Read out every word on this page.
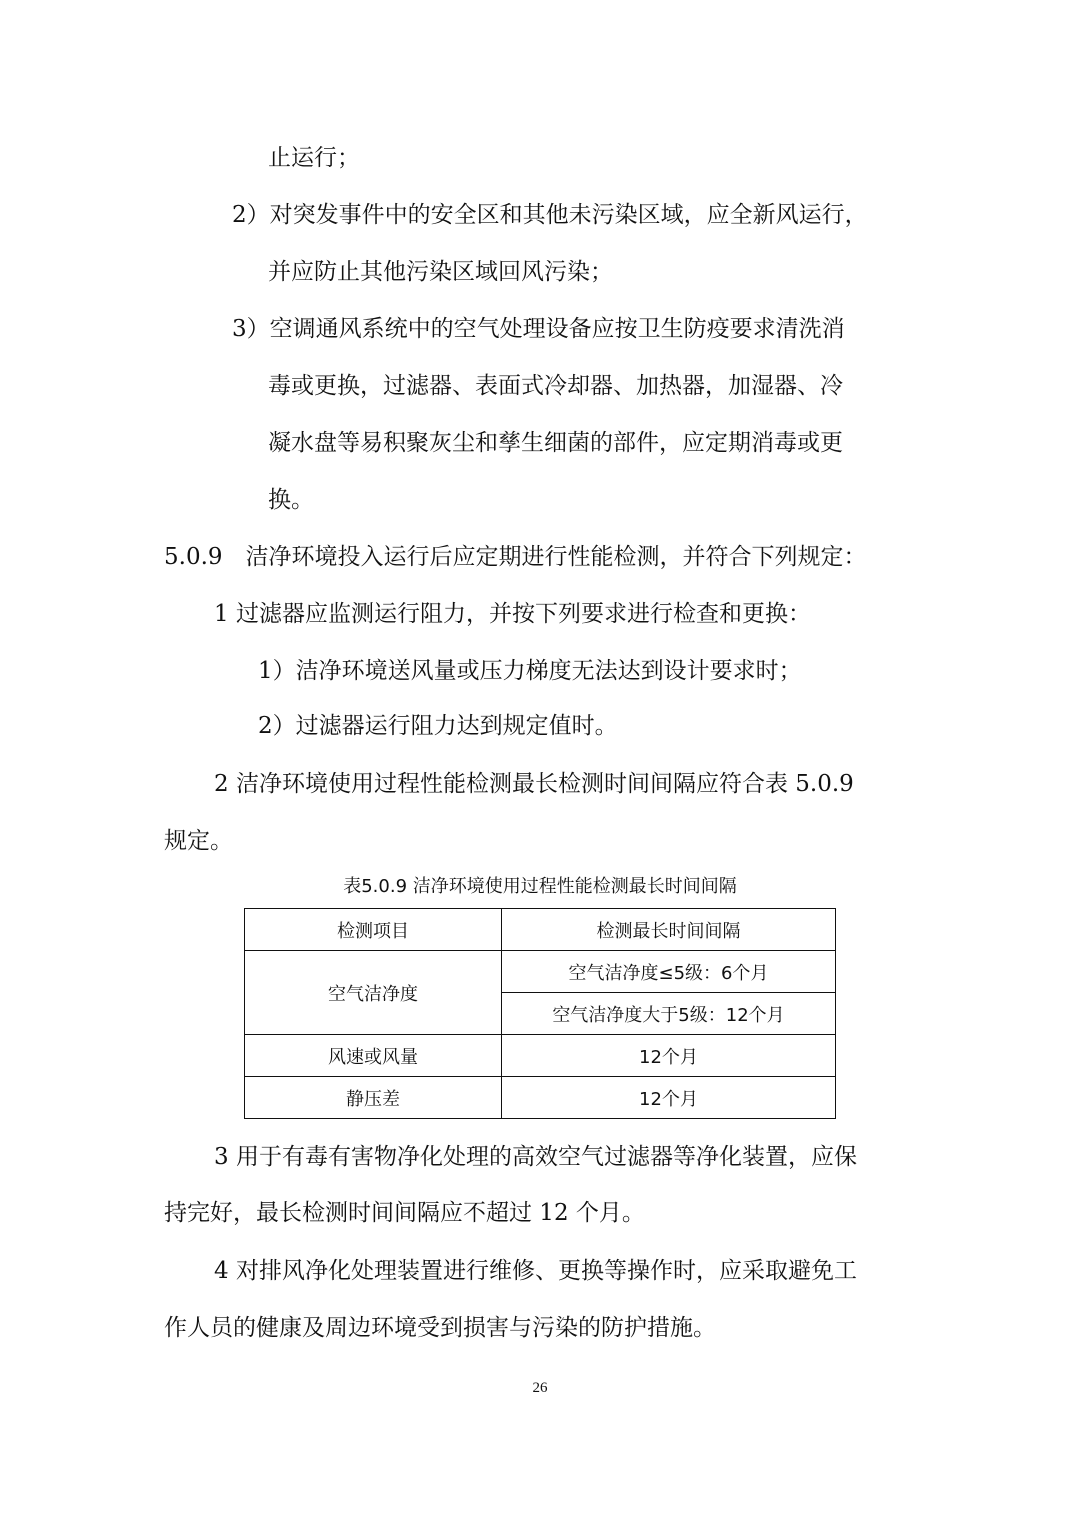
止运行；
2）对突发事件中的安全区和其他未污染区域，应全新风运行，
并应防止其他污染区域回风污染；
3）空调通风系统中的空气处理设备应按卫生防疫要求清洗消
毒或更换，过滤器、表面式冷却器、加热器，加湿器、冷
凝水盘等易积聚灰尘和孳生细菌的部件，应定期消毒或更
换。
5.0.9　洁净环境投入运行后应定期进行性能检测，并符合下列规定：
1 过滤器应监测运行阻力，并按下列要求进行检查和更换：
1）洁净环境送风量或压力梯度无法达到设计要求时；
2）过滤器运行阻力达到规定值时。
2 洁净环境使用过程性能检测最长检测时间间隔应符合表 5.0.9
规定。
表5.0.9 洁净环境使用过程性能检测最长时间间隔
检测项目	检测最长时间间隔
空气洁净度	空气洁净度≤5级：6个月
	空气洁净度大于5级：12个月
风速或风量	12个月
静压差	12个月
3 用于有毒有害物净化处理的高效空气过滤器等净化装置，应保
持完好，最长检测时间间隔应不超过 12 个月。
4 对排风净化处理装置进行维修、更换等操作时，应采取避免工
作人员的健康及周边环境受到损害与污染的防护措施。
26
